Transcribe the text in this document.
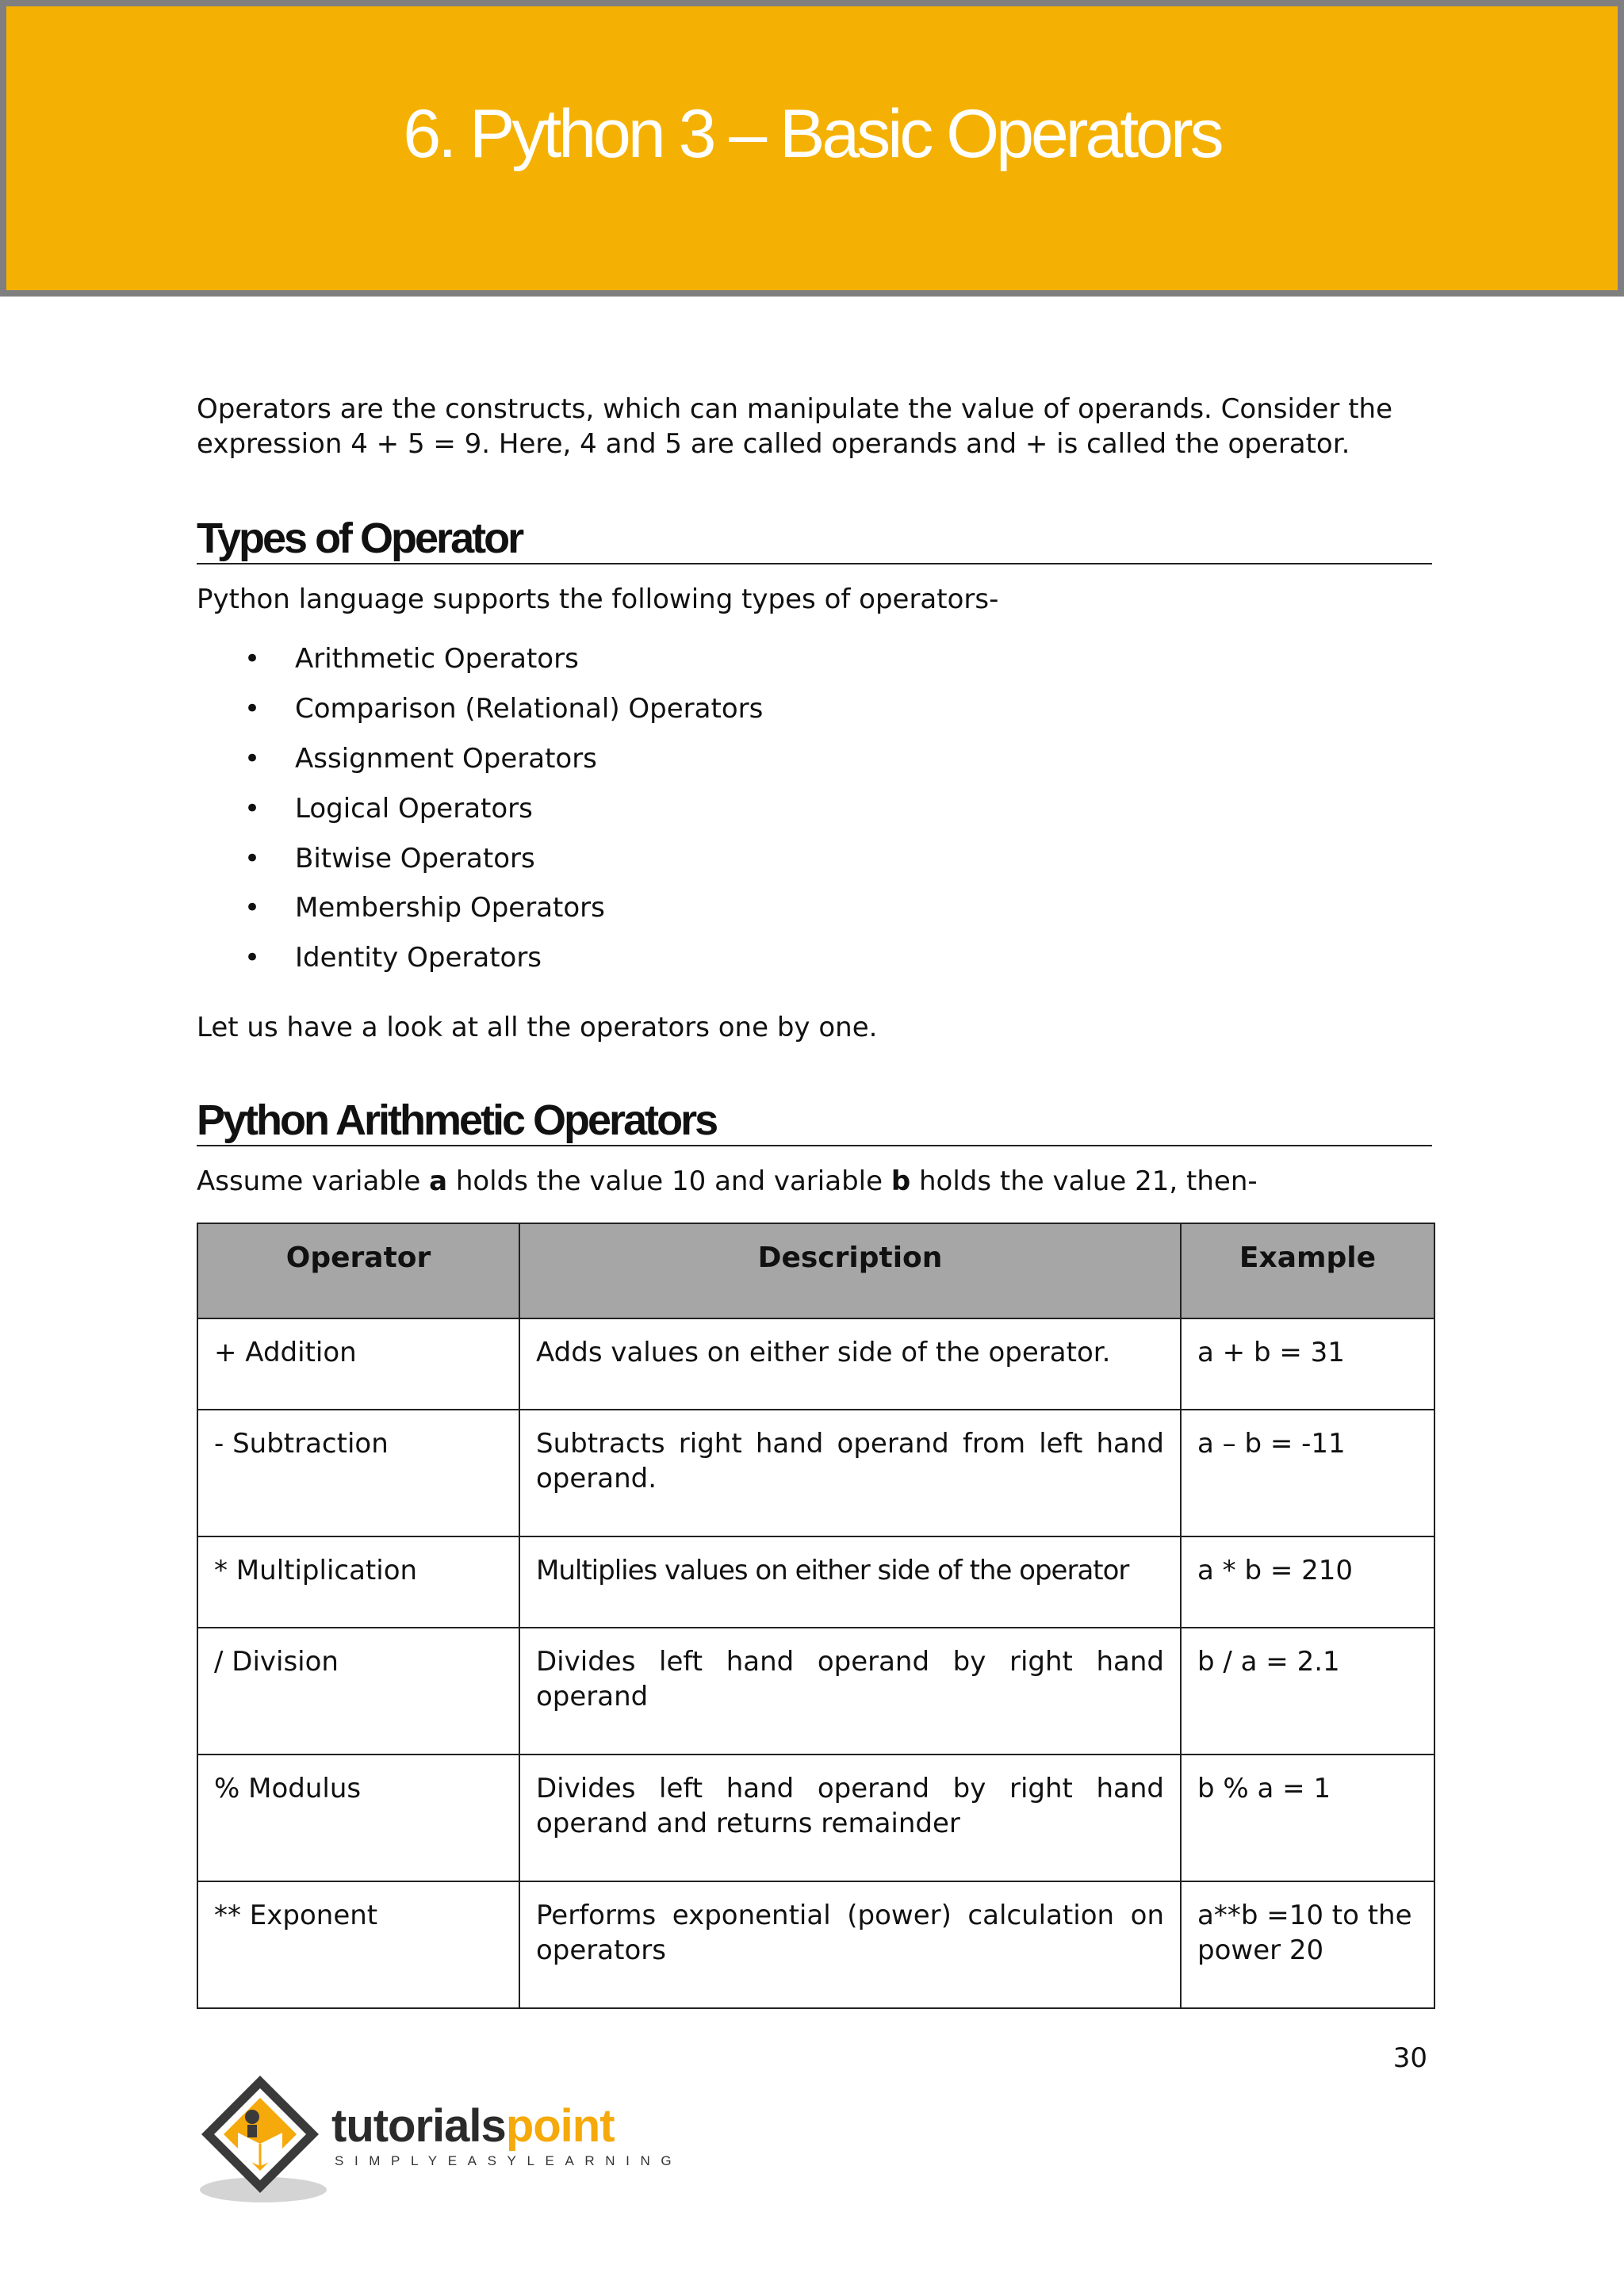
6. Python 3 – Basic Operators

Operators are the constructs, which can manipulate the value of operands. Consider the

expression 4 + 5 = 9. Here, 4 and 5 are called operands and + is called the operator.

Types of Operator

Python language supports the following types of operators-

•	Arithmetic Operators
•	Comparison (Relational) Operators
•	Assignment Operators
•	Logical Operators
•	Bitwise Operators
•	Membership Operators
•	Identity Operators

Let us have a look at all the operators one by one.

Python Arithmetic Operators

Assume variable a holds the value 10 and variable b holds the value 21, then-

Operator	Description	Example
+ Addition	Adds values on either side of the operator.	a + b = 31
- Subtraction	Subtracts right hand operand from left hand operand.	a – b = -11
* Multiplication	Multiplies values on either side of the operator	a * b = 210
/ Division	Divides left hand operand by right hand operand	b / a = 2.1
% Modulus	Divides left hand operand by right hand operand and returns remainder	b % a = 1
** Exponent	Performs exponential (power) calculation on operators	a**b =10 to the power 20
30
tutorialspoint
SIMPLYEASYLEARNING
